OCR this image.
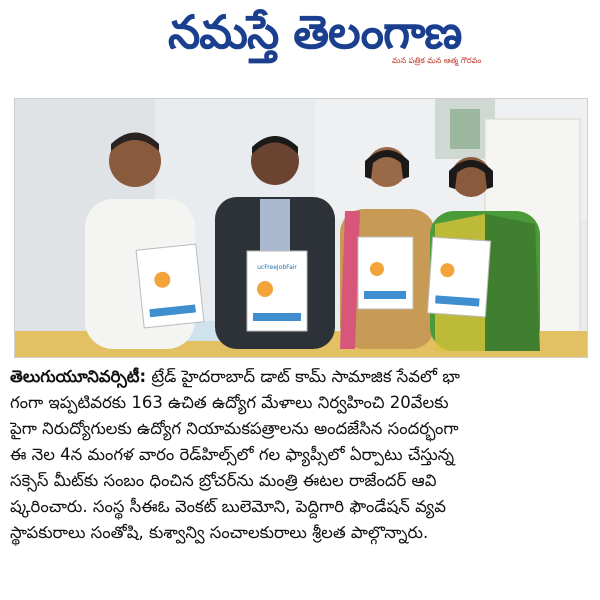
నమస్తే తెలంగాణ
మన పత్రిక మన ఆత్మ గౌరవం
ucFreeJobFair
తెలుగుయూనివర్సిటీ: ట్రేడ్ హైదరాబాద్ డాట్ కామ్ సామాజిక సేవలో భా
గంగా ఇప్పటివరకు 163 ఉచిత ఉద్యోగ మేళాలు నిర్వహించి 20వేలకు
పైగా నిరుద్యోగులకు ఉద్యోగ నియామకపత్రాలను అందజేసిన సందర్భంగా
ఈ నెల 4న మంగళ వారం రెడ్‌హిల్స్‌లో గల ఫ్యాప్సీలో ఏర్పాటు చేస్తున్న
సక్సెస్ మీట్‌కు సంబం ధించిన బ్రోచర్‌ను మంత్రి ఈటల రాజేందర్ ఆవి
ష్కరించారు. సంస్థ సీఈఓ వెంకట్ బులెమోని, పెద్దిగారి ఫౌండేషన్ వ్యవ
స్థాపకురాలు సంతోషి, కుశ్వాన్వి సంచాలకురాలు శ్రీలత పాల్గొన్నారు.
